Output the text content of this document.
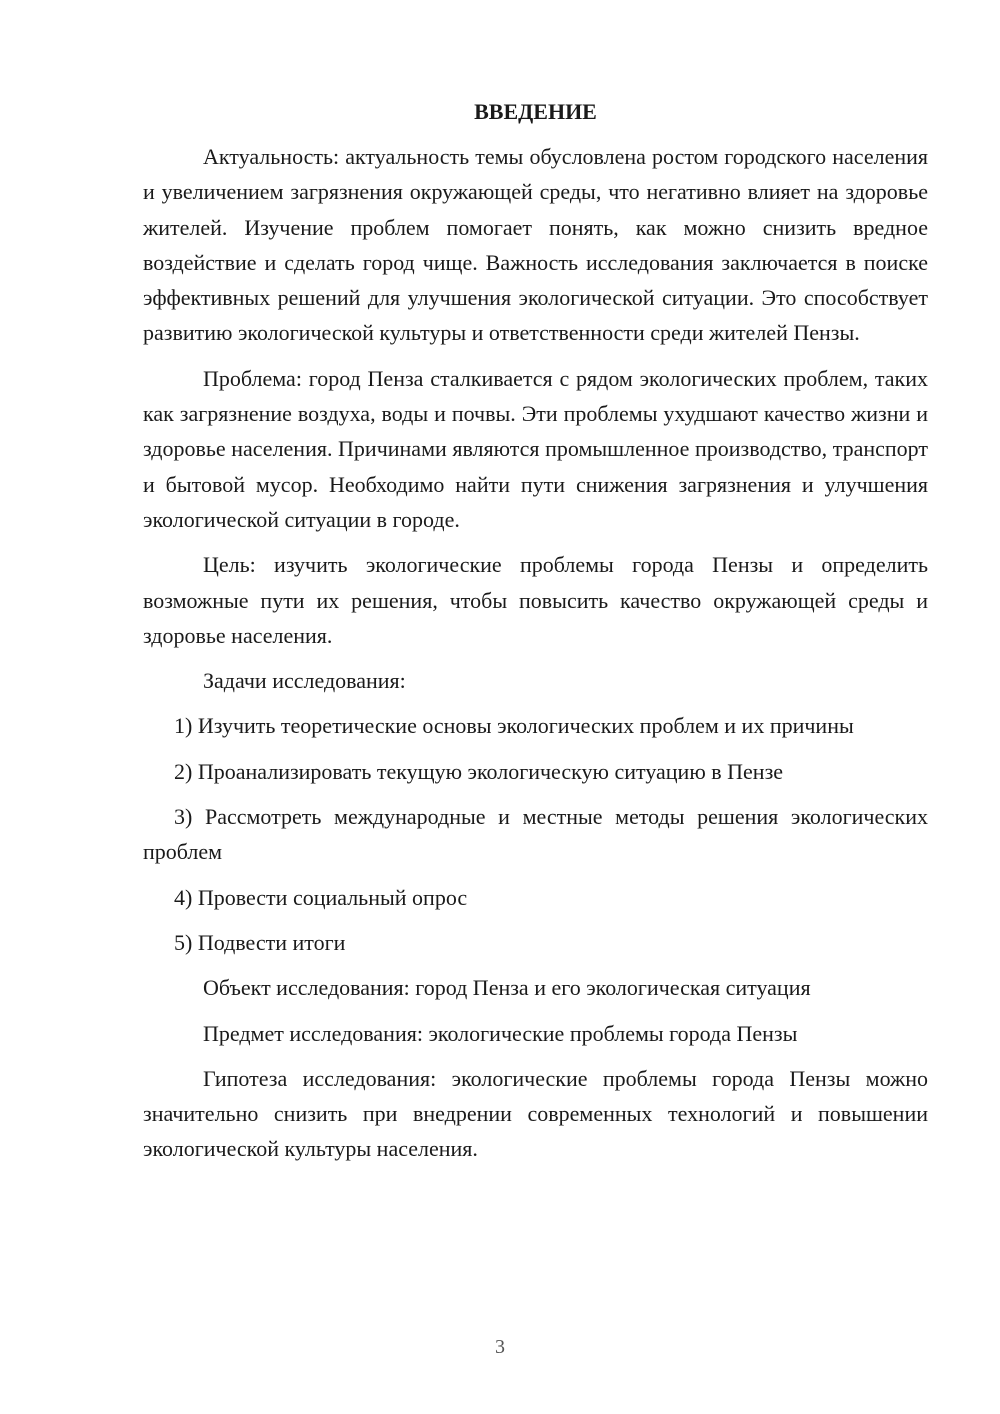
ВВЕДЕНИЕ

Актуальность: актуальность темы обусловлена ростом городского населения и увеличением загрязнения окружающей среды, что негативно влияет на здоровье жителей. Изучение проблем помогает понять, как можно снизить вредное воздействие и сделать город чище. Важность исследования заключается в поиске эффективных решений для улучшения экологической ситуации. Это способствует развитию экологической культуры и ответственности среди жителей Пензы.

Проблема: город Пенза сталкивается с рядом экологических проблем, таких как загрязнение воздуха, воды и почвы. Эти проблемы ухудшают качество жизни и здоровье населения. Причинами являются промышленное производство, транспорт и бытовой мусор. Необходимо найти пути снижения загрязнения и улучшения экологической ситуации в городе.

Цель: изучить экологические проблемы города Пензы и определить возможные пути их решения, чтобы повысить качество окружающей среды и здоровье населения.

Задачи исследования:

1) Изучить теоретические основы экологических проблем и их причины

2) Проанализировать текущую экологическую ситуацию в Пензе

3) Рассмотреть международные и местные методы решения экологических проблем

4) Провести социальный опрос

5) Подвести итоги

Объект исследования: город Пенза и его экологическая ситуация

Предмет исследования: экологические проблемы города Пензы

Гипотеза исследования: экологические проблемы города Пензы можно значительно снизить при внедрении современных технологий и повышении экологической культуры населения.

3
